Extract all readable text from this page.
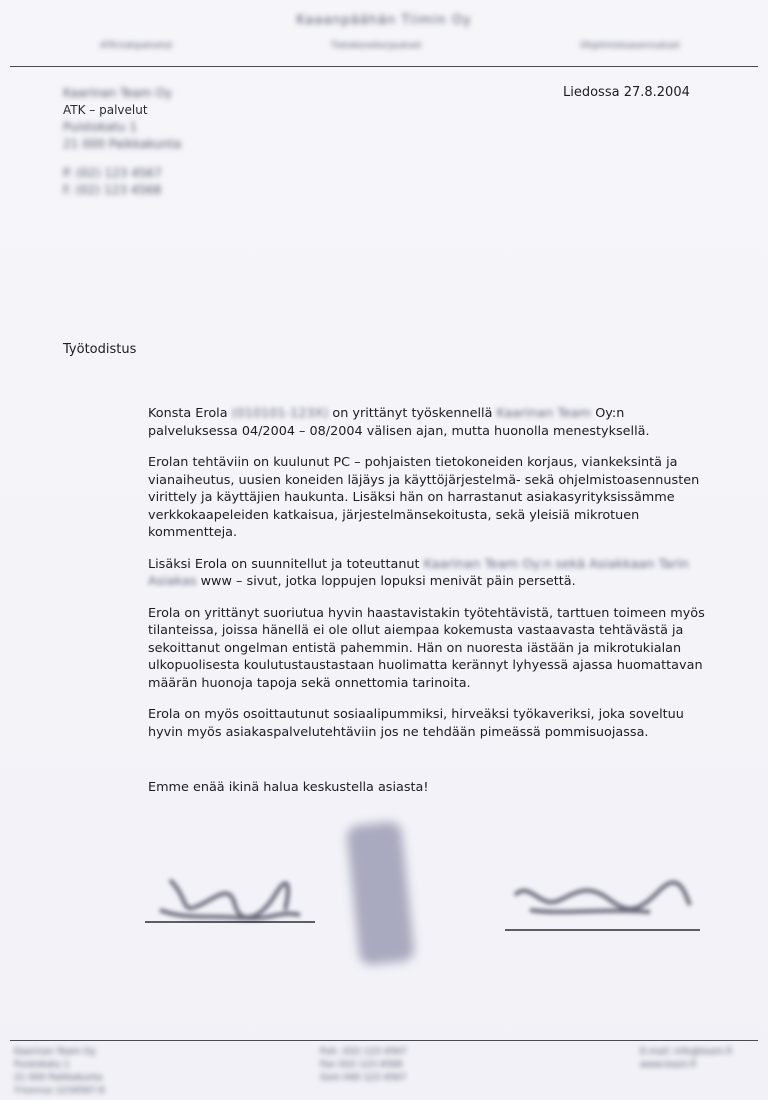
Kaaanpäähän Tiimin Oy
ATK-tukipalvelut	Tietokonekorjaukset	Ohjelmistoasennukset
Kaarinan Team Oy
ATK – palvelut
Puistokatu 1
21 000 Paikkakunta
P. (02) 123 4567
F. (02) 123 4568
Liedossa 27.8.2004
Työtodistus

Konsta Erola (010101-123X) on yrittänyt työskennellä Kaarinan Team Oy:n palveluksessa 04/2004 – 08/2004 välisen ajan, mutta huonolla menestyksellä.

Erolan tehtäviin on kuulunut PC – pohjaisten tietokoneiden korjaus, viankeksintä ja vianaiheutus, uusien koneiden läjäys ja käyttöjärjestelmä- sekä ohjelmistoasennusten virittely ja käyttäjien haukunta. Lisäksi hän on harrastanut asiakasyrityksissämme verkkokaapeleiden katkaisua, järjestelmänsekoitusta, sekä yleisiä mikrotuen kommenttejа.

Lisäksi Erola on suunnitellut ja toteuttanut Kaarinan Team Oy:n sekä Asiakkaan Tarin Asiakas www – sivut, jotka loppujen lopuksi menivät päin persettä.

Erola on yrittänyt suoriutua hyvin haastavistakin työtehtävistä, tarttuen toimeen myös tilanteissa, joissa hänellä ei ole ollut aiempaa kokemusta vastaavasta tehtävästä ja sekoittanut ongelman entistä pahemmin. Hän on nuoresta iästään ja mikrotukialan ulkopuolisesta koulutustaustastaan huolimatta kerännyt lyhyessä ajassa huomattavan määrän huonoja tapoja sekä onnettomia tarinoita.

Erola on myös osoittautunut sosiaalipummiksi, hirveäksi työkaveriksi, joka soveltuu hyvin myös asiakaspalvelutehtäviin jos ne tehdään pimeässä pommisuojassa.

Emme enää ikinä halua keskustella asiasta!
Kaarinan Team Oy
Puistokatu 1
21 000 Paikkakunta
Y-tunnus 1234567-8
Puh. (02) 123 4567
Fax (02) 123 4568
Gsm 040 123 4567
E-mail: info@team.fi
www.team.fi
